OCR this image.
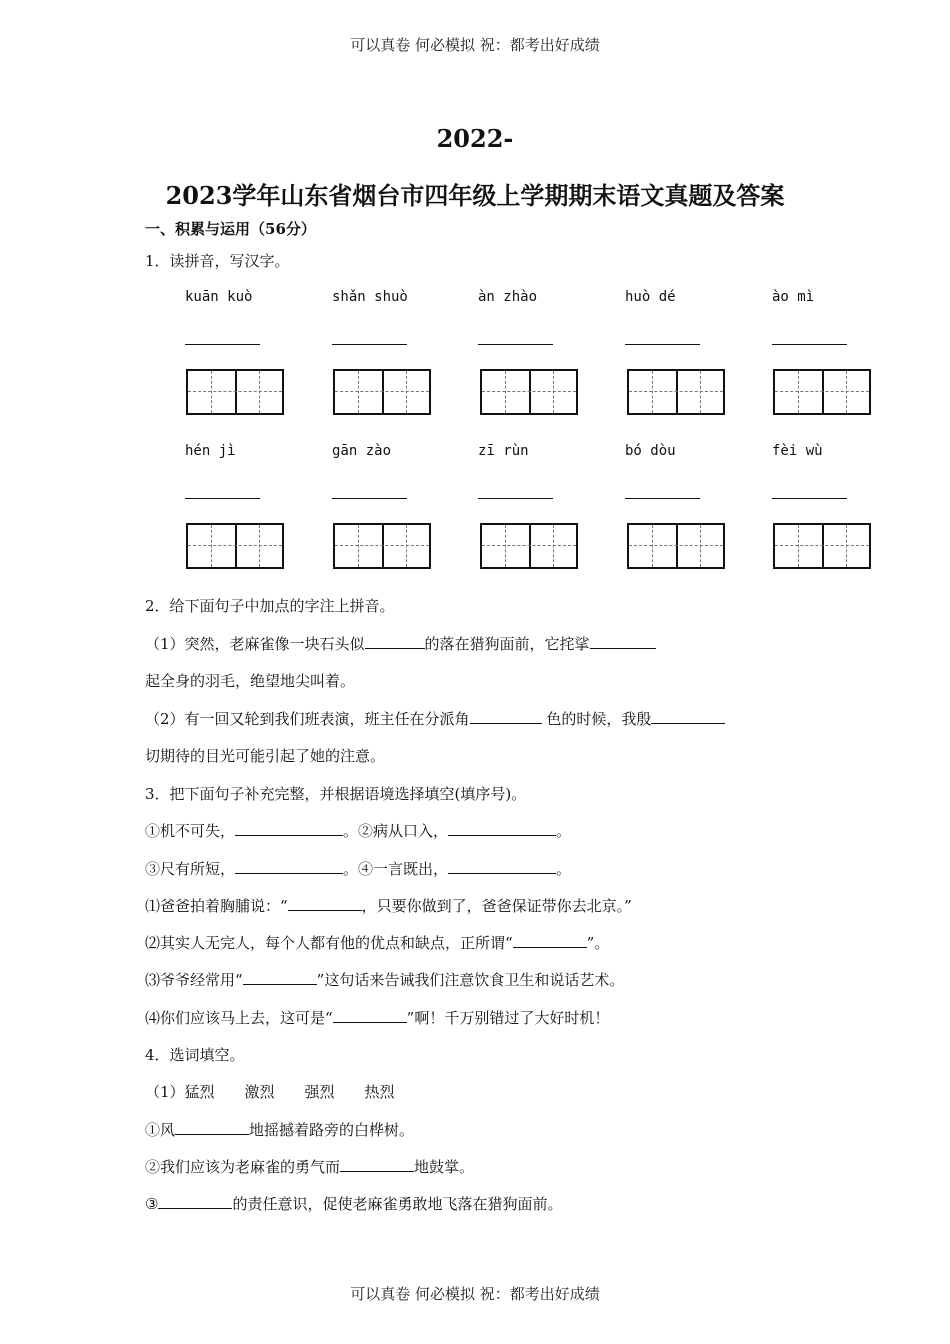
可以真卷 何必模拟 祝：都考出好成绩
2022-
2023学年山东省烟台市四年级上学期期末语文真题及答案
一、积累与运用（56分）
1．读拼音，写汉字。
kuān kuò	shǎn shuò	àn zhào	huò dé	ào mì
hén jì	gān zào	zī rùn	bó dòu	fèi wù
2．给下面句子中加点的字注上拼音。
（1）突然，老麻雀像一块石头似	的落在猎狗面前，它挓挲
起全身的羽毛，绝望地尖叫着。
（2）有一回又轮到我们班表演，班主任在分派角	色的时候，我殷
切期待的目光可能引起了她的注意。
3．把下面句子补充完整，并根据语境选择填空(填序号)。
①机不可失，	。②病从口入，	。
③尺有所短，	。④一言既出，	。
⑴爸爸拍着胸脯说：“	，只要你做到了，爸爸保证带你去北京。”
⑵其实人无完人，每个人都有他的优点和缺点，正所谓“	”。
⑶爷爷经常用“	”这句话来告诫我们注意饮食卫生和说话艺术。
⑷你们应该马上去，这可是“	”啊！千万别错过了大好时机！
4．选词填空。
（1）猛烈　　激烈　　强烈　　热烈
①风	地摇撼着路旁的白桦树。
②我们应该为老麻雀的勇气而	地鼓掌。
③	的责任意识，促使老麻雀勇敢地飞落在猎狗面前。
可以真卷 何必模拟 祝：都考出好成绩
